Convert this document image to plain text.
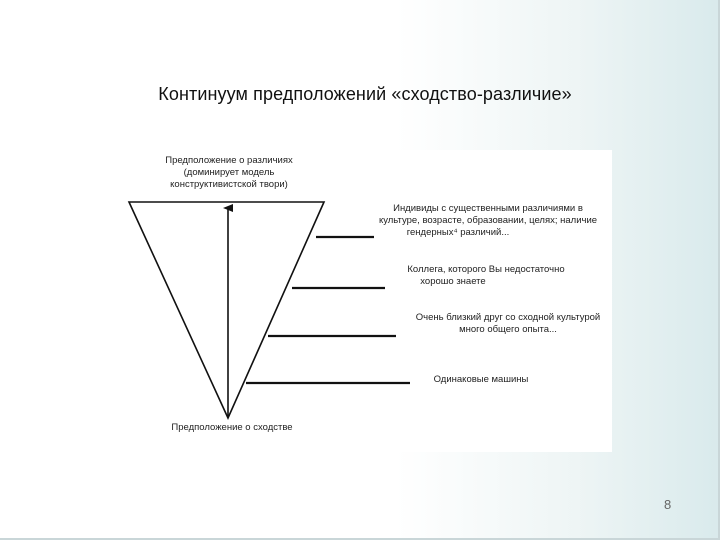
Континуум предположений «сходство-различие»
Предположение о различиях
(доминирует модель
конструктивистской твори)
Индивиды с существенными различиями в
культуре, возрасте, образовании, целях; наличие
гендерных⁴ различий...
Коллега, которого Вы недостаточно
хорошо знаете
Очень близкий друг со сходной культурой
много общего опыта...
Одинаковые машины
Предположение о сходстве
8
